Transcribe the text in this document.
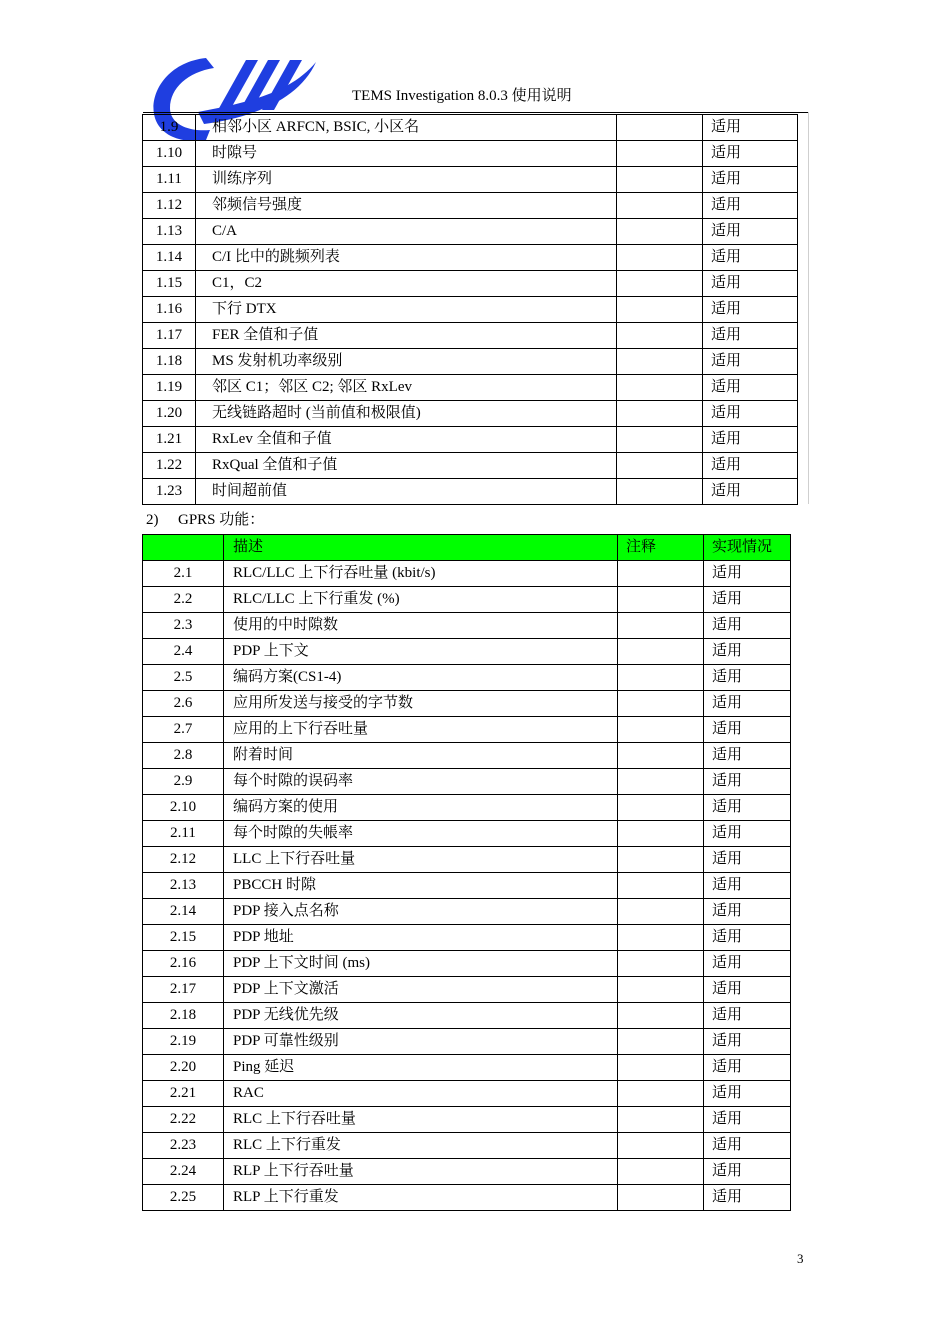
TEMS Investigation 8.0.3 使用说明
1.9	相邻小区 ARFCN, BSIC, 小区名		适用
1.10	时隙号		适用
1.11	训练序列		适用
1.12	邻频信号强度		适用
1.13	C/A		适用
1.14	C/I 比中的跳频列表		适用
1.15	C1，C2		适用
1.16	下行 DTX		适用
1.17	FER 全值和子值		适用
1.18	MS 发射机功率级别		适用
1.19	邻区 C1；邻区 C2; 邻区 RxLev		适用
1.20	无线链路超时 (当前值和极限值)		适用
1.21	RxLev 全值和子值		适用
1.22	RxQual 全值和子值		适用
1.23	时间超前值		适用
2) GPRS 功能：
	描述	注释	实现情况
2.1	RLC/LLC 上下行吞吐量 (kbit/s)		适用
2.2	RLC/LLC 上下行重发 (%)		适用
2.3	使用的中时隙数		适用
2.4	PDP 上下文		适用
2.5	编码方案(CS1-4)		适用
2.6	应用所发送与接受的字节数		适用
2.7	应用的上下行吞吐量		适用
2.8	附着时间		适用
2.9	每个时隙的误码率		适用
2.10	编码方案的使用		适用
2.11	每个时隙的失帳率		适用
2.12	LLC 上下行吞吐量		适用
2.13	PBCCH 时隙		适用
2.14	PDP 接入点名称		适用
2.15	PDP 地址		适用
2.16	PDP 上下文时间 (ms)		适用
2.17	PDP 上下文激活		适用
2.18	PDP 无线优先级		适用
2.19	PDP 可靠性级别		适用
2.20	Ping 延迟		适用
2.21	RAC		适用
2.22	RLC 上下行吞吐量		适用
2.23	RLC 上下行重发		适用
2.24	RLP 上下行吞吐量		适用
2.25	RLP 上下行重发		适用
3
